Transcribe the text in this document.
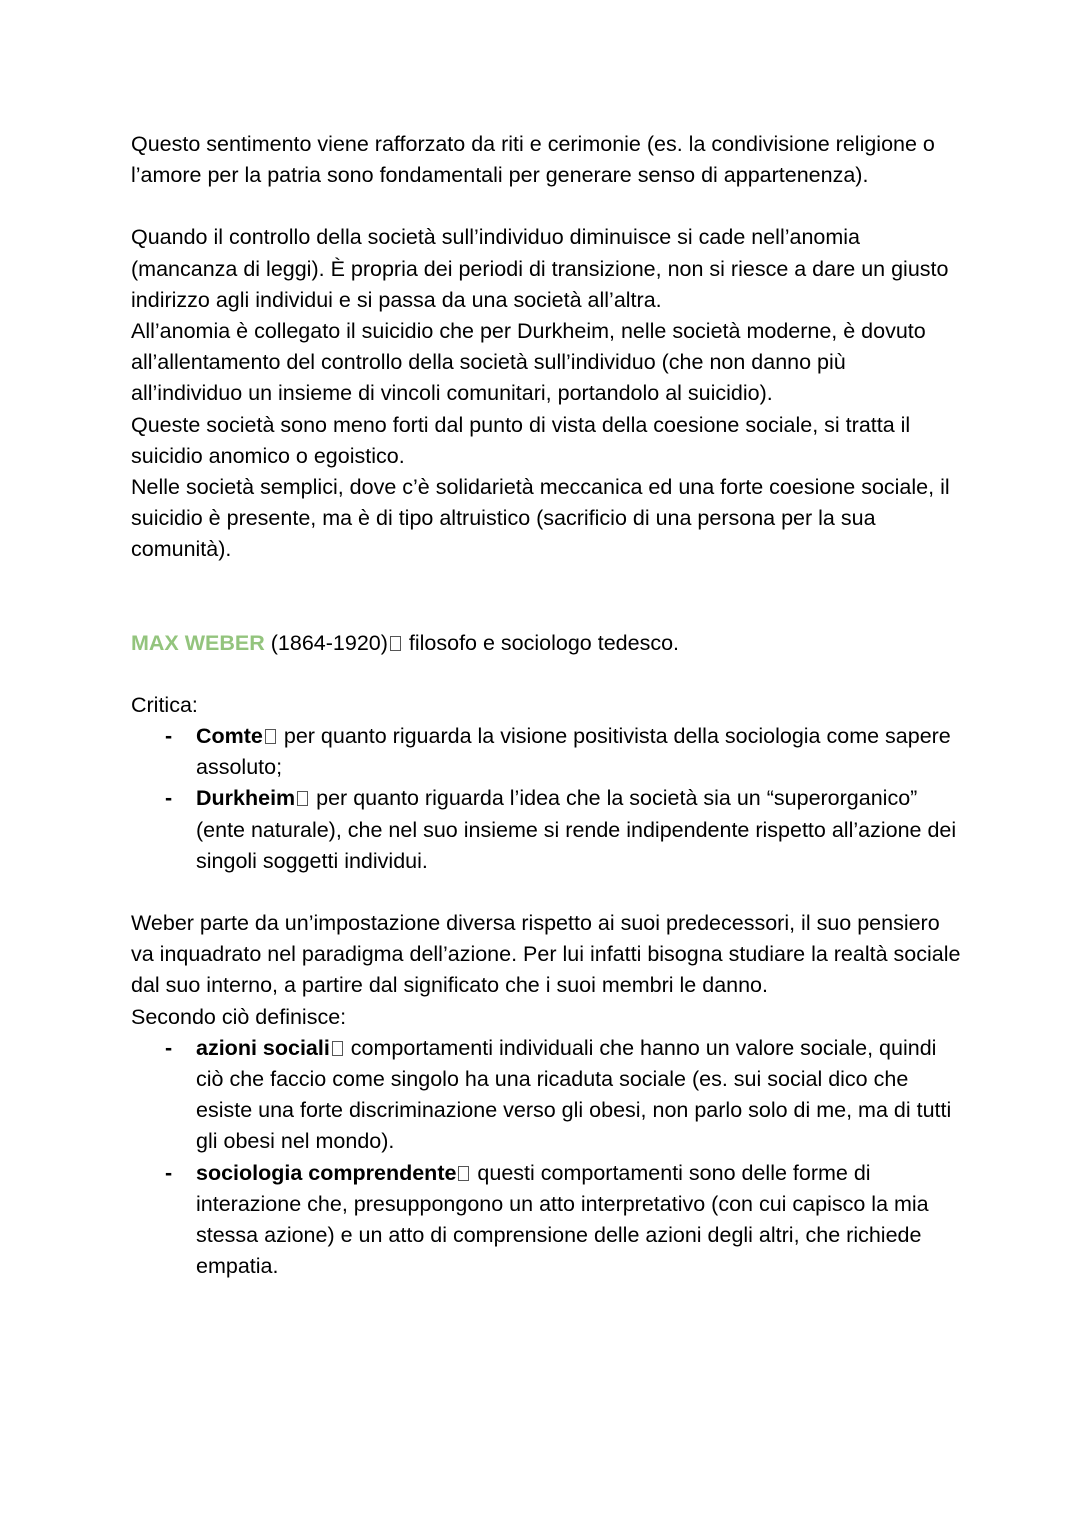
Questo sentimento viene rafforzato da riti e cerimonie (es. la condivisione religione o l’amore per la patria sono fondamentali per generare senso di appartenenza).

Quando il controllo della società sull’individuo diminuisce si cade nell’anomia (mancanza di leggi). È propria dei periodi di transizione, non si riesce a dare un giusto indirizzo agli individui e si passa da una società all’altra.

All’anomia è collegato il suicidio che per Durkheim, nelle società moderne, è dovuto all’allentamento del controllo della società sull’individuo (che non danno più all’individuo un insieme di vincoli comunitari, portandolo al suicidio).

Queste società sono meno forti dal punto di vista della coesione sociale, si tratta il suicidio anomico o egoistico.

Nelle società semplici, dove c’è solidarietà meccanica ed una forte coesione sociale, il suicidio è presente, ma è di tipo altruistico (sacrificio di una persona per la sua comunità).

MAX WEBER (1864-1920) filosofo e sociologo tedesco.

Critica:

- Comte per quanto riguarda la visione positivista della sociologia come sapere assoluto;
- Durkheim per quanto riguarda l’idea che la società sia un “superorganico” (ente naturale), che nel suo insieme si rende indipendente rispetto all’azione dei singoli soggetti individui.

Weber parte da un’impostazione diversa rispetto ai suoi predecessori, il suo pensiero va inquadrato nel paradigma dell’azione. Per lui infatti bisogna studiare la realtà sociale dal suo interno, a partire dal significato che i suoi membri le danno.

Secondo ciò definisce:

- azioni sociali comportamenti individuali che hanno un valore sociale, quindi ciò che faccio come singolo ha una ricaduta sociale (es. sui social dico che esiste una forte discriminazione verso gli obesi, non parlo solo di me, ma di tutti gli obesi nel mondo).
- sociologia comprendente questi comportamenti sono delle forme di interazione che, presuppongono un atto interpretativo (con cui capisco la mia stessa azione) e un atto di comprensione delle azioni degli altri, che richiede empatia.
